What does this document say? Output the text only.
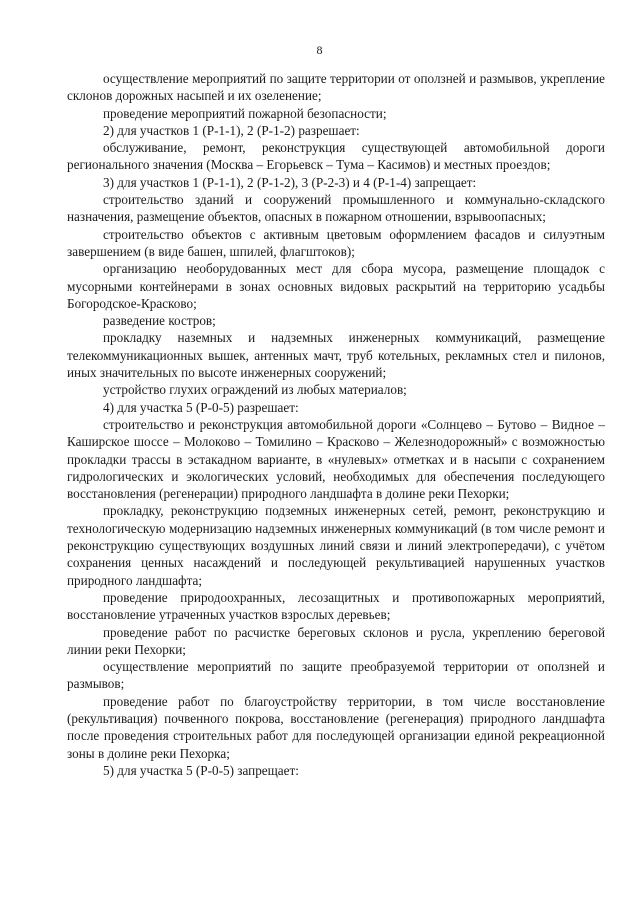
8

осуществление мероприятий по защите территории от оползней и размывов, укрепление склонов дорожных насыпей и их озеленение;

проведение мероприятий пожарной безопасности;

2) для участков 1 (Р-1-1), 2 (Р-1-2) разрешает:

обслуживание, ремонт, реконструкция существующей автомобильной дороги регионального значения (Москва – Егорьевск – Тума – Касимов) и местных проездов;

3) для участков 1 (Р-1-1), 2 (Р-1-2), 3 (Р-2-3) и 4 (Р-1-4) запрещает:

строительство зданий и сооружений промышленного и коммунально-складского назначения, размещение объектов, опасных в пожарном отношении, взрывоопасных;

строительство объектов с активным цветовым оформлением фасадов и силуэтным завершением (в виде башен, шпилей, флагштоков);

организацию необорудованных мест для сбора мусора, размещение площадок с мусорными контейнерами в зонах основных видовых раскрытий на территорию усадьбы Богородское-Красково;

разведение костров;

прокладку наземных и надземных инженерных коммуникаций, размещение телекоммуникационных вышек, антенных мачт, труб котельных, рекламных стел и пилонов, иных значительных по высоте инженерных сооружений;

устройство глухих ограждений из любых материалов;

4) для участка 5 (Р-0-5) разрешает:

строительство и реконструкция автомобильной дороги «Солнцево – Бутово – Видное – Каширское шоссе – Молоково – Томилино – Красково – Железнодорожный» с возможностью прокладки трассы в эстакадном варианте, в «нулевых» отметках и в насыпи с сохранением гидрологических и экологических условий, необходимых для обеспечения последующего восстановления (регенерации) природного ландшафта в долине реки Пехорки;

прокладку, реконструкцию подземных инженерных сетей, ремонт, реконструкцию и технологическую модернизацию надземных инженерных коммуникаций (в том числе ремонт и реконструкцию существующих воздушных линий связи и линий электропередачи), с учётом сохранения ценных насаждений и последующей рекультивацией нарушенных участков природного ландшафта;

проведение природоохранных, лесозащитных и противопожарных мероприятий, восстановление утраченных участков взрослых деревьев;

проведение работ по расчистке береговых склонов и русла, укреплению береговой линии реки Пехорки;

осуществление мероприятий по защите преобразуемой территории от оползней и размывов;

проведение работ по благоустройству территории, в том числе восстановление (рекультивация) почвенного покрова, восстановление (регенерация) природного ландшафта после проведения строительных работ для последующей организации единой рекреационной зоны в долине реки Пехорка;

5) для участка 5 (Р-0-5) запрещает:
